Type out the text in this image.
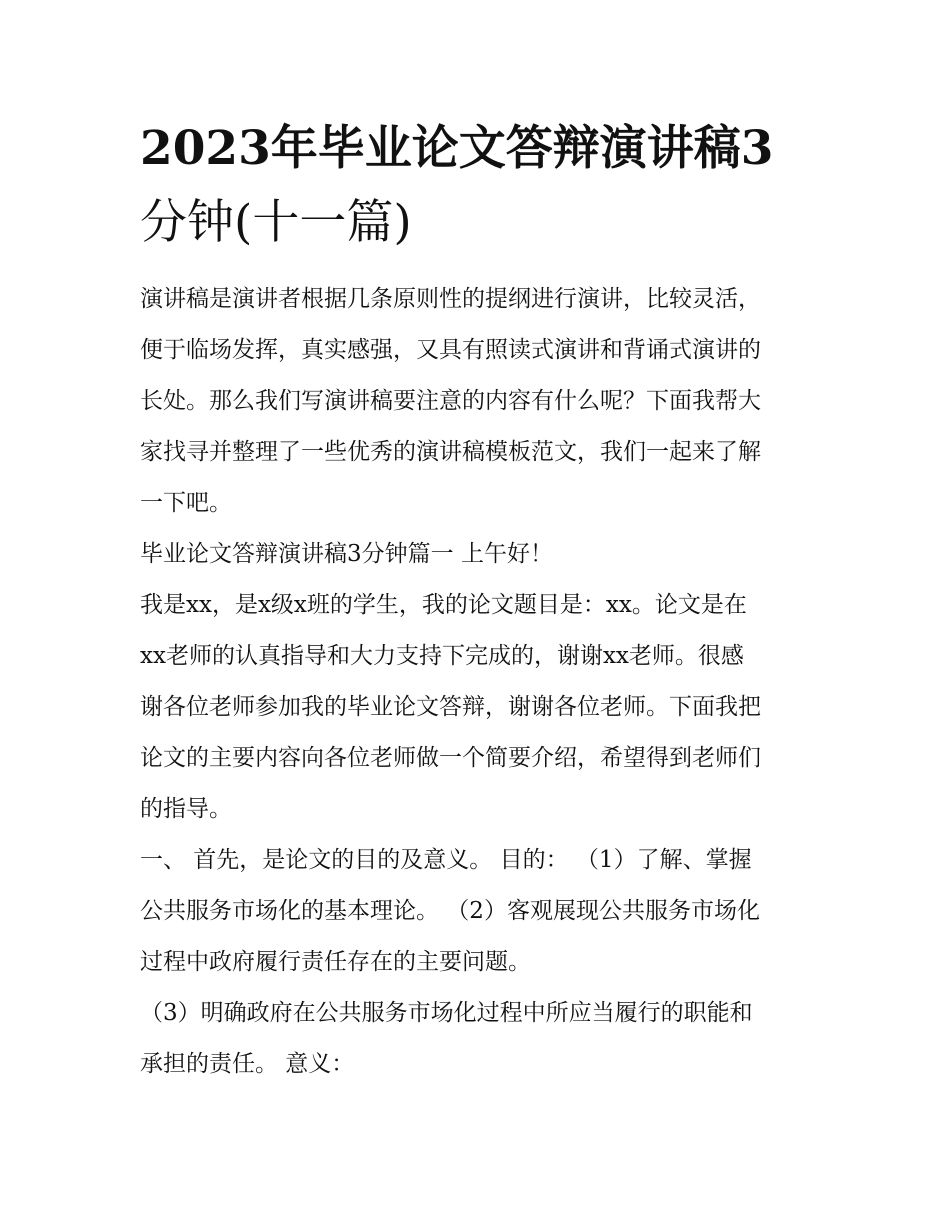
2023年毕业论文答辩演讲稿3
分钟(十一篇)

演讲稿是演讲者根据几条原则性的提纲进行演讲，比较灵活，
便于临场发挥，真实感强，又具有照读式演讲和背诵式演讲的
长处。那么我们写演讲稿要注意的内容有什么呢？下面我帮大
家找寻并整理了一些优秀的演讲稿模板范文，我们一起来了解
一下吧。

毕业论文答辩演讲稿3分钟篇一 上午好！

我是xx，是x级x班的学生，我的论文题目是：xx。论文是在
xx老师的认真指导和大力支持下完成的，谢谢xx老师。很感
谢各位老师参加我的毕业论文答辩，谢谢各位老师。下面我把
论文的主要内容向各位老师做一个简要介绍，希望得到老师们
的指导。

一、 首先，是论文的目的及意义。 目的： （1）了解、掌握
公共服务市场化的基本理论。 （2）客观展现公共服务市场化
过程中政府履行责任存在的主要问题。

（3）明确政府在公共服务市场化过程中所应当履行的职能和
承担的责任。 意义：
